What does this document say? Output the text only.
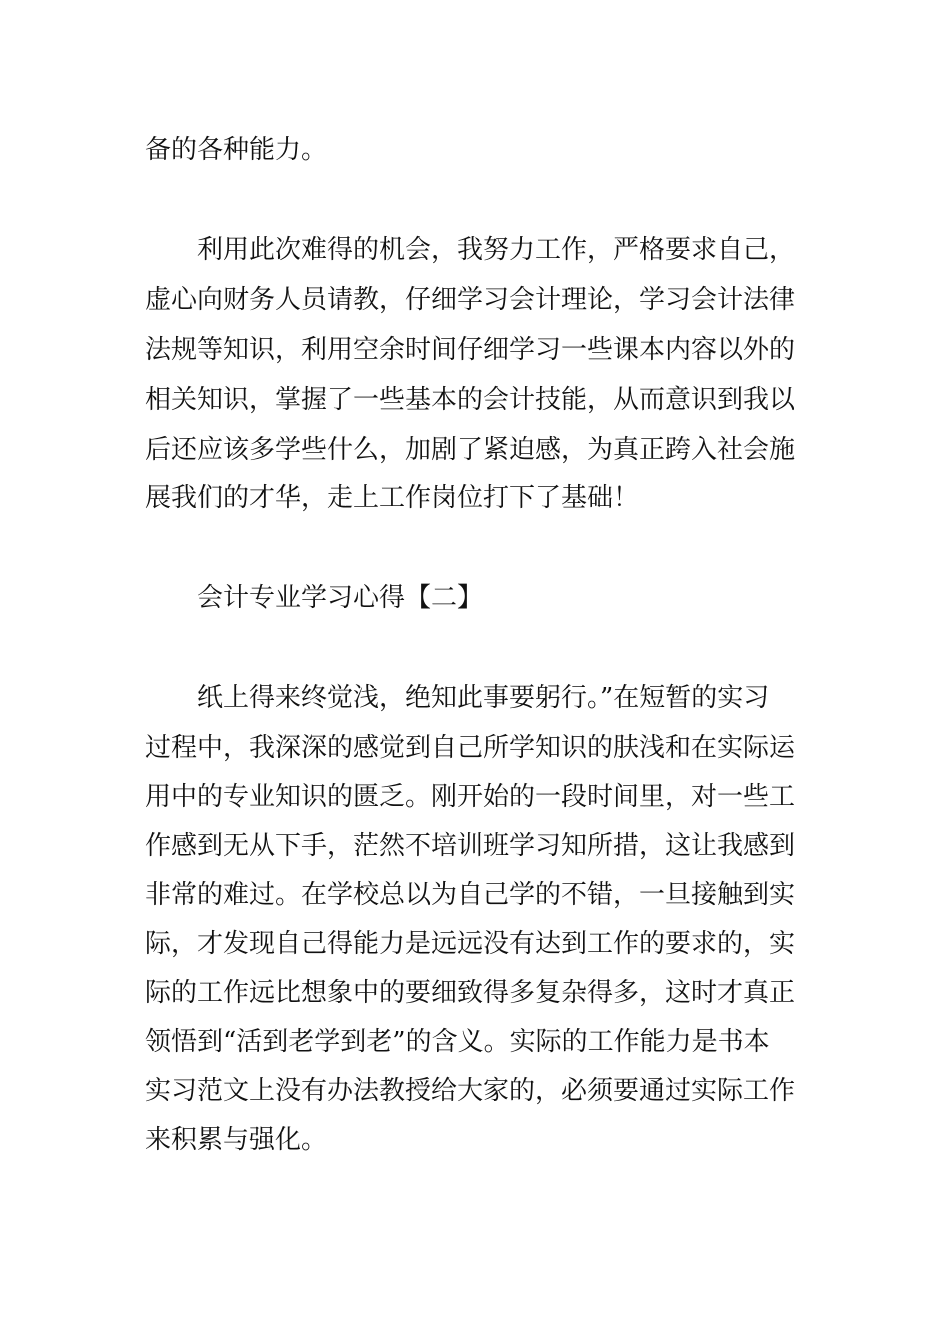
备的各种能力。
利用此次难得的机会，我努力工作，严格要求自己，
虚心向财务人员请教，仔细学习会计理论，学习会计法律
法规等知识，利用空余时间仔细学习一些课本内容以外的
相关知识，掌握了一些基本的会计技能，从而意识到我以
后还应该多学些什么，加剧了紧迫感，为真正跨入社会施
展我们的才华，走上工作岗位打下了基础！
会计专业学习心得【二】
纸上得来终觉浅，绝知此事要躬行。”在短暂的实习
过程中，我深深的感觉到自己所学知识的肤浅和在实际运
用中的专业知识的匮乏。刚开始的一段时间里，对一些工
作感到无从下手，茫然不培训班学习知所措，这让我感到
非常的难过。在学校总以为自己学的不错，一旦接触到实
际，才发现自己得能力是远远没有达到工作的要求的，实
际的工作远比想象中的要细致得多复杂得多，这时才真正
领悟到“活到老学到老”的含义。实际的工作能力是书本
实习范文上没有办法教授给大家的，必须要通过实际工作
来积累与强化。
